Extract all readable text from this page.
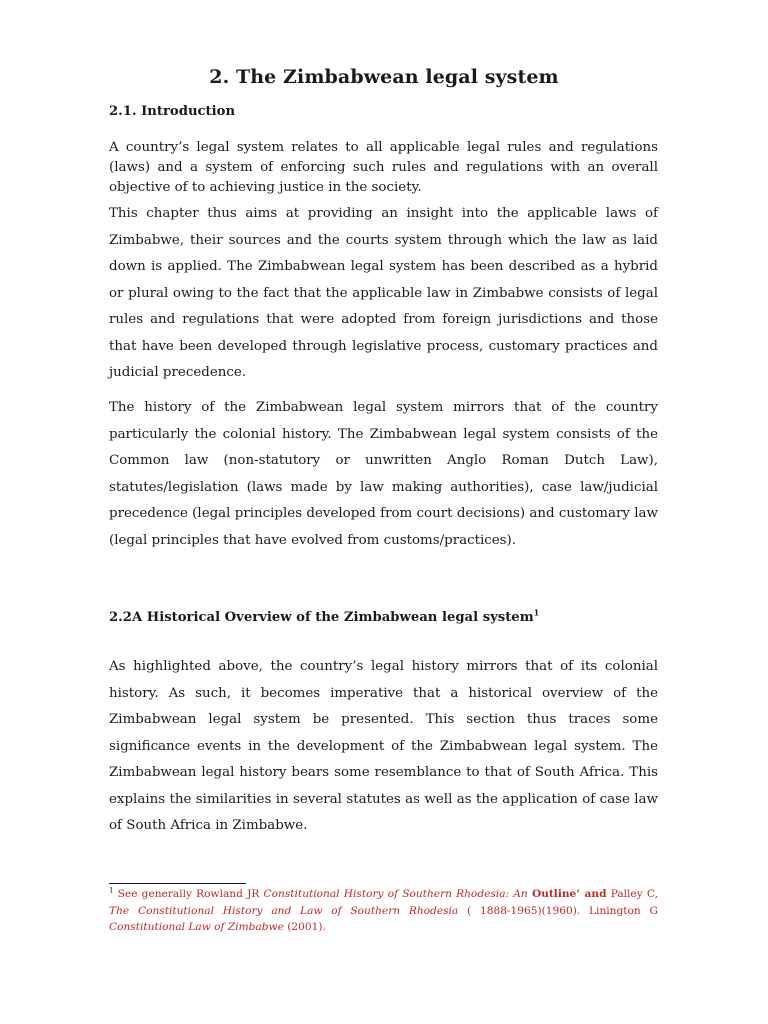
2. The Zimbabwean legal system
2.1. Introduction

A country’s legal system relates to all applicable legal rules and regulations (laws) and a system of enforcing such rules and regulations with an overall objective of to achieving justice in the society.

This chapter thus aims at providing an insight into the applicable laws of Zimbabwe, their sources and the courts system through which the law as laid down is applied. The Zimbabwean legal system has been described as a hybrid or plural owing to the fact that the applicable law in Zimbabwe consists of legal rules and regulations that were adopted from foreign jurisdictions and those that have been developed through legislative process, customary practices and judicial precedence.

The history of the Zimbabwean legal system mirrors that of the country particularly the colonial history. The Zimbabwean legal system consists of the Common law (non-statutory or unwritten Anglo Roman Dutch Law), statutes/legislation (laws made by law making authorities), case law/judicial precedence (legal principles developed from court decisions) and customary law (legal principles that have evolved from customs/practices).

2.2A Historical Overview of the Zimbabwean legal system$^1$

As highlighted above, the country’s legal history mirrors that of its colonial history. As such, it becomes imperative that a historical overview of the Zimbabwean legal system be presented. This section thus traces some significance events in the development of the Zimbabwean legal system. The Zimbabwean legal history bears some resemblance to that of South Africa. This explains the similarities in several statutes as well as the application of case law of South Africa in Zimbabwe.

$^1$ See generally Rowland JR Constitutional History of Southern Rhodesia: An Outline’ and Palley C, The Constitutional History and Law of Southern Rhodesia ( 1888-1965)(1960). Linington G Constitutional Law of Zimbabwe (2001).
